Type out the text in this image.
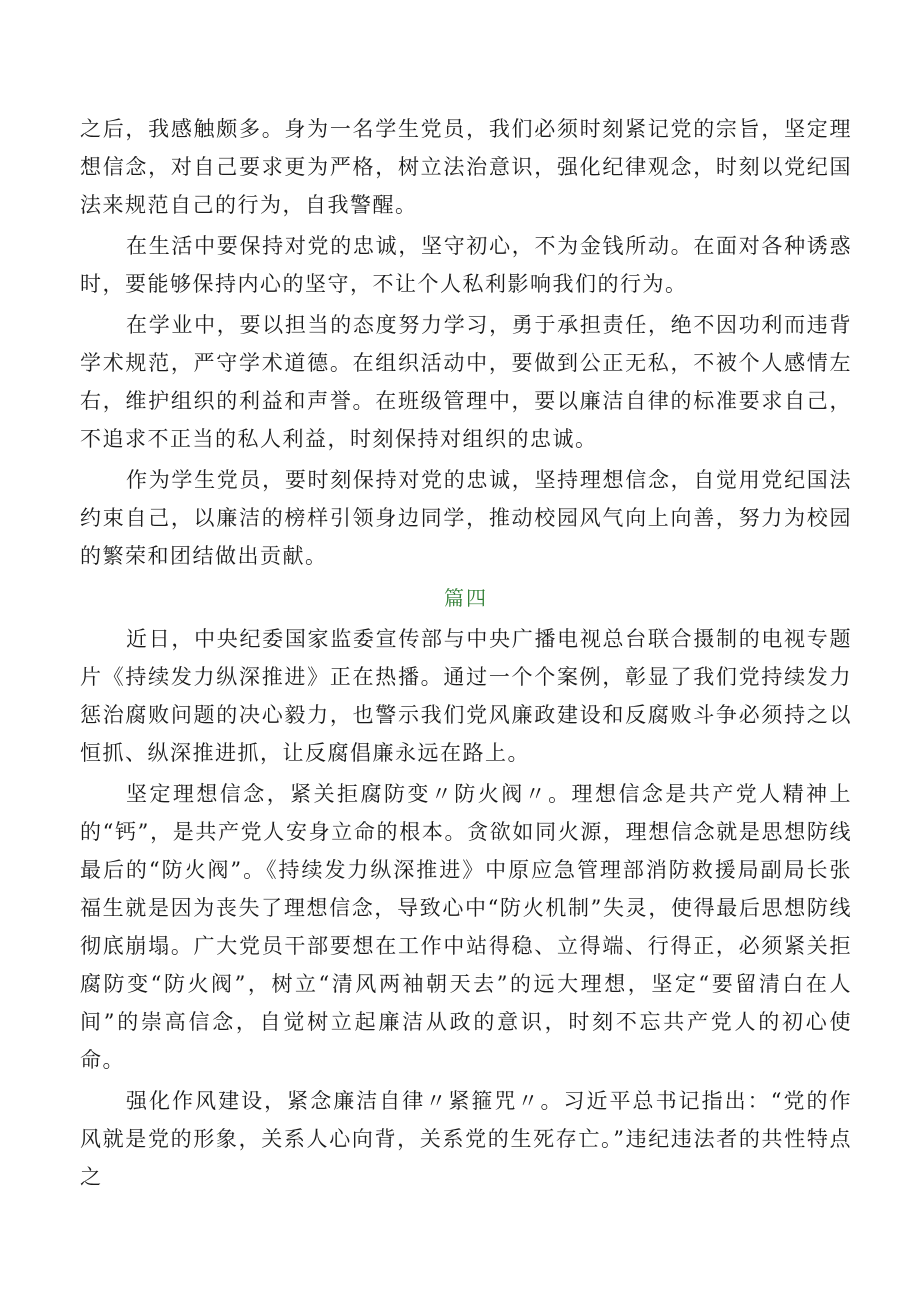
之后，我感触颇多。身为一名学生党员，我们必须时刻紧记党的宗旨，坚定理想信念，对自己要求更为严格，树立法治意识，强化纪律观念，时刻以党纪国法来规范自己的行为，自我警醒。

在生活中要保持对党的忠诚，坚守初心，不为金钱所动。在面对各种诱惑时，要能够保持内心的坚守，不让个人私利影响我们的行为。

在学业中，要以担当的态度努力学习，勇于承担责任，绝不因功利而违背学术规范，严守学术道德。在组织活动中，要做到公正无私，不被个人感情左右，维护组织的利益和声誉。在班级管理中，要以廉洁自律的标准要求自己，不追求不正当的私人利益，时刻保持对组织的忠诚。

作为学生党员，要时刻保持对党的忠诚，坚持理想信念，自觉用党纪国法约束自己，以廉洁的榜样引领身边同学，推动校园风气向上向善，努力为校园的繁荣和团结做出贡献。

篇四

近日，中央纪委国家监委宣传部与中央广播电视总台联合摄制的电视专题片《持续发力纵深推进》正在热播。通过一个个案例，彰显了我们党持续发力惩治腐败问题的决心毅力，也警示我们党风廉政建设和反腐败斗争必须持之以恒抓、纵深推进抓，让反腐倡廉永远在路上。

坚定理想信念，紧关拒腐防变〃防火阀〃。理想信念是共产党人精神上的“钙”，是共产党人安身立命的根本。贪欲如同火源，理想信念就是思想防线最后的“防火阀”。《持续发力纵深推进》中原应急管理部消防救援局副局长张福生就是因为丧失了理想信念，导致心中“防火机制”失灵，使得最后思想防线彻底崩塌。广大党员干部要想在工作中站得稳、立得端、行得正，必须紧关拒腐防变“防火阀”，树立“清风两袖朝天去”的远大理想，坚定“要留清白在人间”的崇高信念，自觉树立起廉洁从政的意识，时刻不忘共产党人的初心使命。

强化作风建设，紧念廉洁自律〃紧箍咒〃。习近平总书记指出：“党的作风就是党的形象，关系人心向背，关系党的生死存亡。”违纪违法者的共性特点之
